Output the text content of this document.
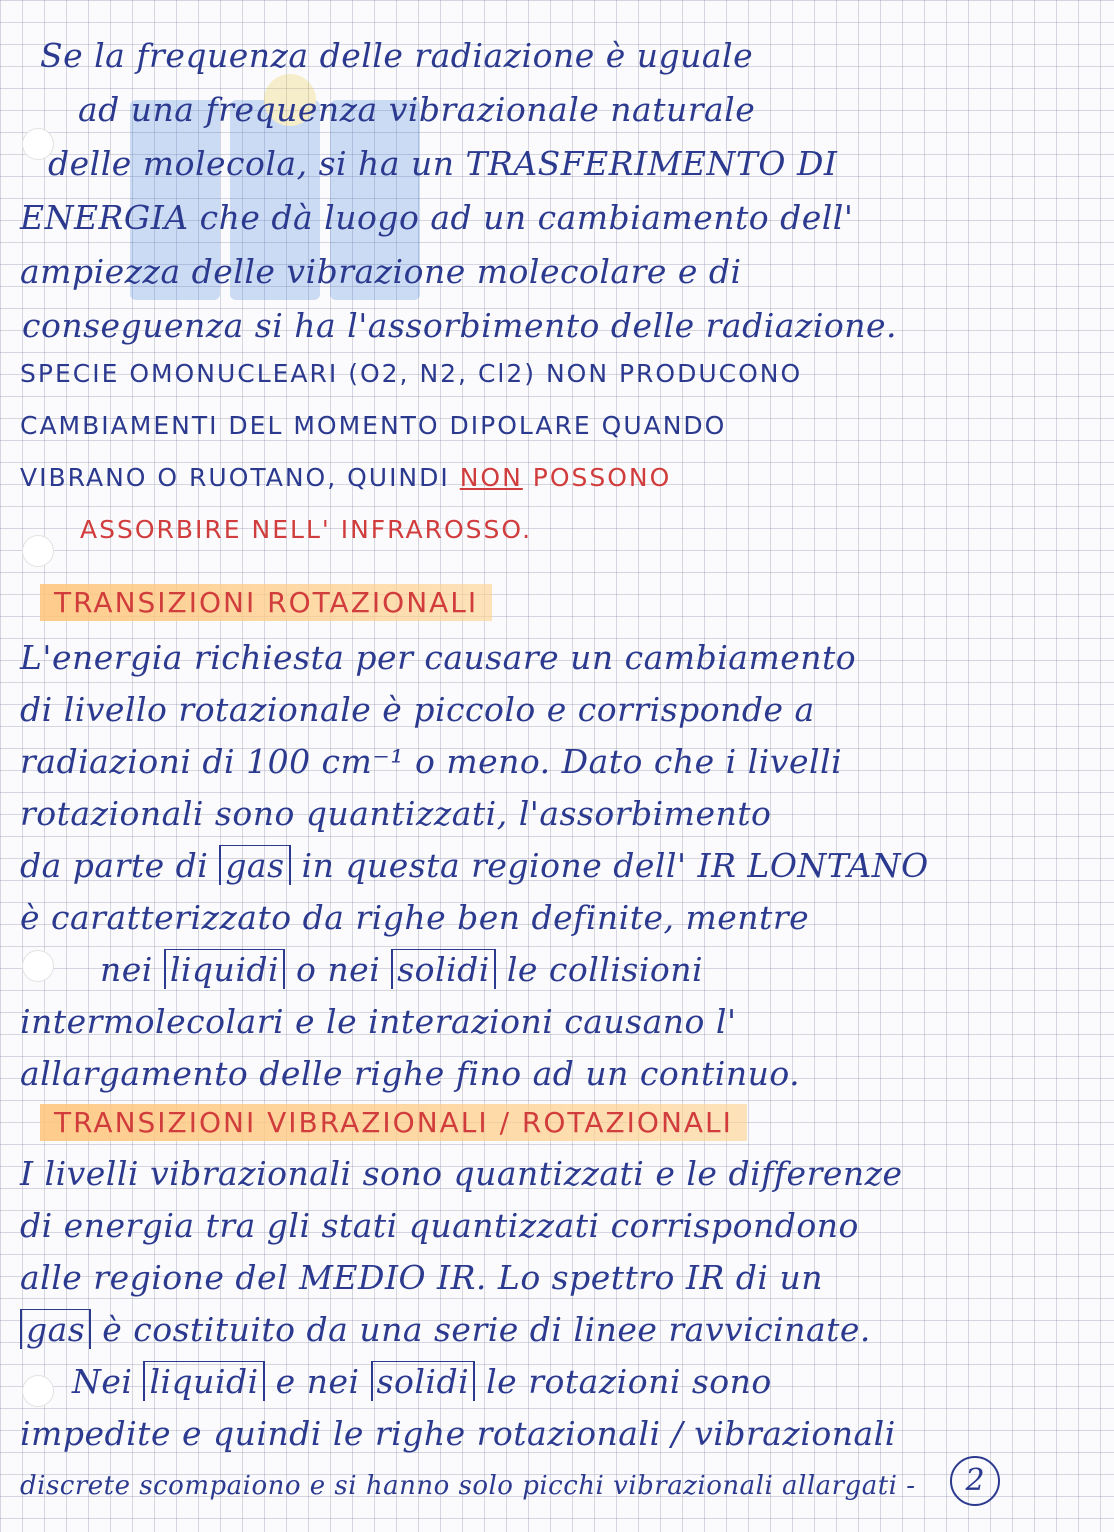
Se la frequenza delle radiazione è uguale

ad una frequenza vibrazionale naturale

delle molecola, si ha un TRASFERIMENTO DI

ENERGIA che dà luogo ad un cambiamento dell'

ampiezza delle vibrazione molecolare e di

conseguenza si ha l'assorbimento delle radiazione.

SPECIE OMONUCLEARI (O2, N2, Cl2) NON PRODUCONO

CAMBIAMENTI DEL MOMENTO DIPOLARE QUANDO

VIBRANO O RUOTANO, QUINDI NON POSSONO

ASSORBIRE NELL' INFRAROSSO.

TRANSIZIONI ROTAZIONALI

L'energia richiesta per causare un cambiamento

di livello rotazionale è piccolo e corrisponde a

radiazioni di 100 cm⁻¹ o meno. Dato che i livelli

rotazionali sono quantizzati, l'assorbimento

da parte di gas in questa regione dell' IR LONTANO

è caratterizzato da righe ben definite, mentre

nei liquidi o nei solidi le collisioni

intermolecolari e le interazioni causano l'

allargamento delle righe fino ad un continuo.

TRANSIZIONI VIBRAZIONALI / ROTAZIONALI

I livelli vibrazionali sono quantizzati e le differenze

di energia tra gli stati quantizzati corrispondono

alle regione del MEDIO IR. Lo spettro IR di un

gas è costituito da una serie di linee ravvicinate.

Nei liquidi e nei solidi le rotazioni sono

impedite e quindi le righe rotazionali / vibrazionali

discrete scompaiono e si hanno solo picchi vibrazionali allargati -	2
